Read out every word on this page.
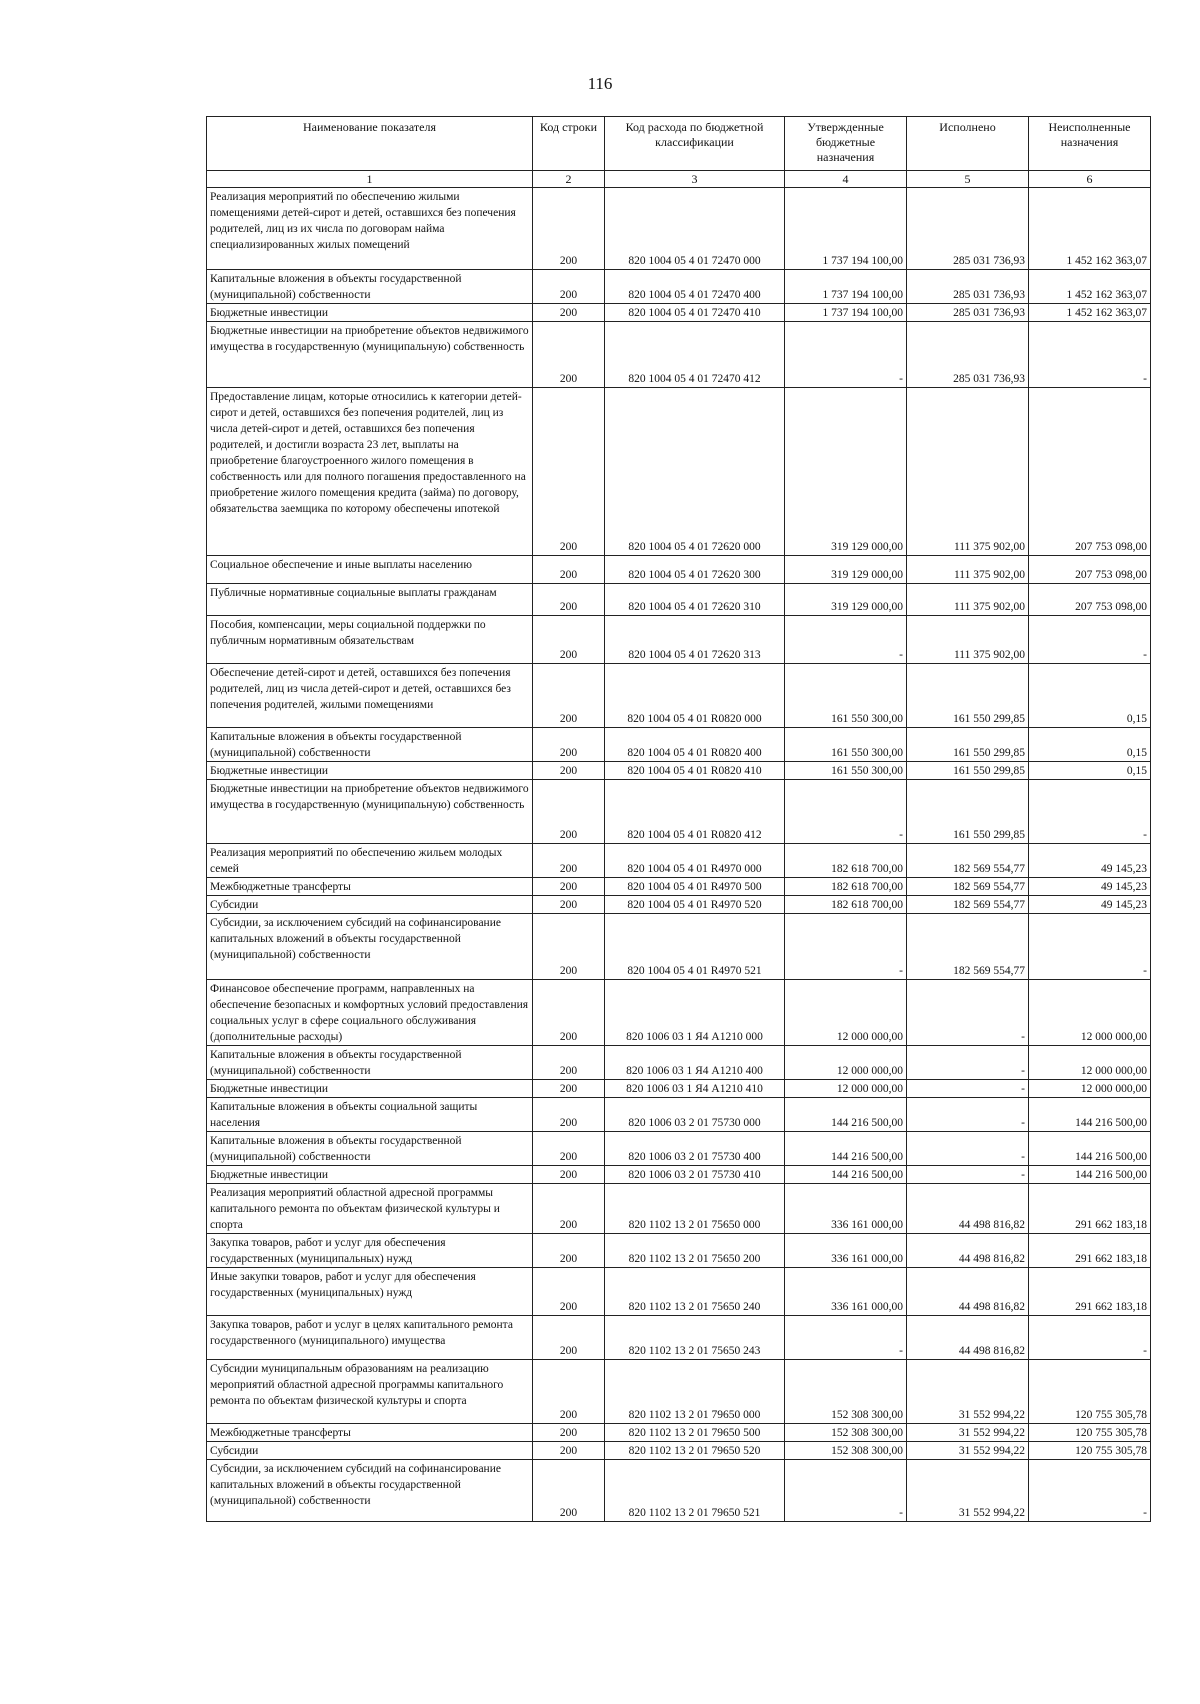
116
Наименование показателя	Код строки	Код расхода по бюджетной классификации	Утвержденные бюджетные назначения	Исполнено	Неисполненные назначения
1	2	3	4	5	6
Реализация мероприятий по обеспечению жилыми помещениями детей-сирот и детей, оставшихся без попечения родителей, лиц из их числа по договорам найма специализированных жилых помещений	200	820 1004 05 4 01 72470 000	1 737 194 100,00	285 031 736,93	1 452 162 363,07
Капитальные вложения в объекты государственной (муниципальной) собственности	200	820 1004 05 4 01 72470 400	1 737 194 100,00	285 031 736,93	1 452 162 363,07
Бюджетные инвестиции	200	820 1004 05 4 01 72470 410	1 737 194 100,00	285 031 736,93	1 452 162 363,07
Бюджетные инвестиции на приобретение объектов недвижимого имущества в государственную (муниципальную) собственность	200	820 1004 05 4 01 72470 412	-	285 031 736,93	-
Предоставление лицам, которые относились к категории детей-сирот и детей, оставшихся без попечения родителей, лиц из числа детей-сирот и детей, оставшихся без попечения родителей, и достигли возраста 23 лет, выплаты на приобретение благоустроенного жилого помещения в собственность или для полного погашения предоставленного на приобретение жилого помещения кредита (займа) по договору, обязательства заемщика по которому обеспечены ипотекой	200	820 1004 05 4 01 72620 000	319 129 000,00	111 375 902,00	207 753 098,00
Социальное обеспечение и иные выплаты населению	200	820 1004 05 4 01 72620 300	319 129 000,00	111 375 902,00	207 753 098,00
Публичные нормативные социальные выплаты гражданам	200	820 1004 05 4 01 72620 310	319 129 000,00	111 375 902,00	207 753 098,00
Пособия, компенсации, меры социальной поддержки по публичным нормативным обязательствам	200	820 1004 05 4 01 72620 313	-	111 375 902,00	-
Обеспечение детей-сирот и детей, оставшихся без попечения родителей, лиц из числа детей-сирот и детей, оставшихся без попечения родителей, жилыми помещениями	200	820 1004 05 4 01 R0820 000	161 550 300,00	161 550 299,85	0,15
Капитальные вложения в объекты государственной (муниципальной) собственности	200	820 1004 05 4 01 R0820 400	161 550 300,00	161 550 299,85	0,15
Бюджетные инвестиции	200	820 1004 05 4 01 R0820 410	161 550 300,00	161 550 299,85	0,15
Бюджетные инвестиции на приобретение объектов недвижимого имущества в государственную (муниципальную) собственность	200	820 1004 05 4 01 R0820 412	-	161 550 299,85	-
Реализация мероприятий по обеспечению жильем молодых семей	200	820 1004 05 4 01 R4970 000	182 618 700,00	182 569 554,77	49 145,23
Межбюджетные трансферты	200	820 1004 05 4 01 R4970 500	182 618 700,00	182 569 554,77	49 145,23
Субсидии	200	820 1004 05 4 01 R4970 520	182 618 700,00	182 569 554,77	49 145,23
Субсидии, за исключением субсидий на софинансирование капитальных вложений в объекты государственной (муниципальной) собственности	200	820 1004 05 4 01 R4970 521	-	182 569 554,77	-
Финансовое обеспечение программ, направленных на обеспечение безопасных и комфортных условий предоставления социальных услуг в сфере социального обслуживания (дополнительные расходы)	200	820 1006 03 1 Я4 А1210 000	12 000 000,00	-	12 000 000,00
Капитальные вложения в объекты государственной (муниципальной) собственности	200	820 1006 03 1 Я4 А1210 400	12 000 000,00	-	12 000 000,00
Бюджетные инвестиции	200	820 1006 03 1 Я4 А1210 410	12 000 000,00	-	12 000 000,00
Капитальные вложения в объекты социальной защиты населения	200	820 1006 03 2 01 75730 000	144 216 500,00	-	144 216 500,00
Капитальные вложения в объекты государственной (муниципальной) собственности	200	820 1006 03 2 01 75730 400	144 216 500,00	-	144 216 500,00
Бюджетные инвестиции	200	820 1006 03 2 01 75730 410	144 216 500,00	-	144 216 500,00
Реализация мероприятий областной адресной программы капитального ремонта по объектам физической культуры и спорта	200	820 1102 13 2 01 75650 000	336 161 000,00	44 498 816,82	291 662 183,18
Закупка товаров, работ и услуг для обеспечения государственных (муниципальных) нужд	200	820 1102 13 2 01 75650 200	336 161 000,00	44 498 816,82	291 662 183,18
Иные закупки товаров, работ и услуг для обеспечения государственных (муниципальных) нужд	200	820 1102 13 2 01 75650 240	336 161 000,00	44 498 816,82	291 662 183,18
Закупка товаров, работ и услуг в целях капитального ремонта государственного (муниципального) имущества	200	820 1102 13 2 01 75650 243	-	44 498 816,82	-
Субсидии муниципальным образованиям на реализацию мероприятий областной адресной программы капитального ремонта по объектам физической культуры и спорта	200	820 1102 13 2 01 79650 000	152 308 300,00	31 552 994,22	120 755 305,78
Межбюджетные трансферты	200	820 1102 13 2 01 79650 500	152 308 300,00	31 552 994,22	120 755 305,78
Субсидии	200	820 1102 13 2 01 79650 520	152 308 300,00	31 552 994,22	120 755 305,78
Субсидии, за исключением субсидий на софинансирование капитальных вложений в объекты государственной (муниципальной) собственности	200	820 1102 13 2 01 79650 521	-	31 552 994,22	-
